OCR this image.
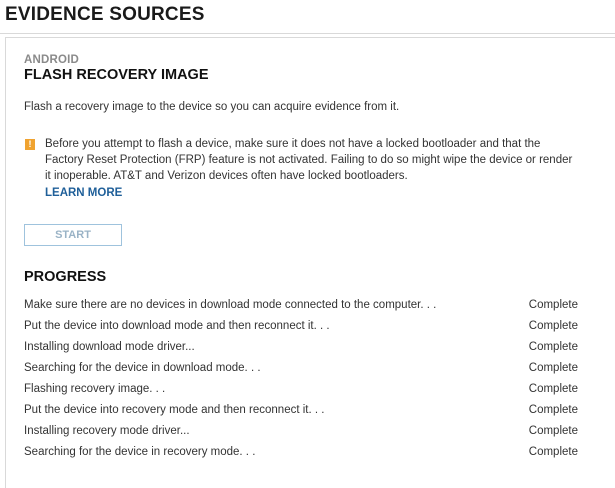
EVIDENCE SOURCES
ANDROID
FLASH RECOVERY IMAGE
Flash a recovery image to the device so you can acquire evidence from it.
!	Before you attempt to flash a device, make sure it does not have a locked bootloader and that the Factory Reset Protection (FRP) feature is not activated. Failing to do so might wipe the device or render it inoperable. AT&T and Verizon devices often have locked bootloaders.
LEARN MORE
START
PROGRESS
Make sure there are no devices in download mode connected to the computer. . .	Complete
Put the device into download mode and then reconnect it. . .	Complete
Installing download mode driver...	Complete
Searching for the device in download mode. . .	Complete
Flashing recovery image. . .	Complete
Put the device into recovery mode and then reconnect it. . .	Complete
Installing recovery mode driver...	Complete
Searching for the device in recovery mode. . .	Complete
